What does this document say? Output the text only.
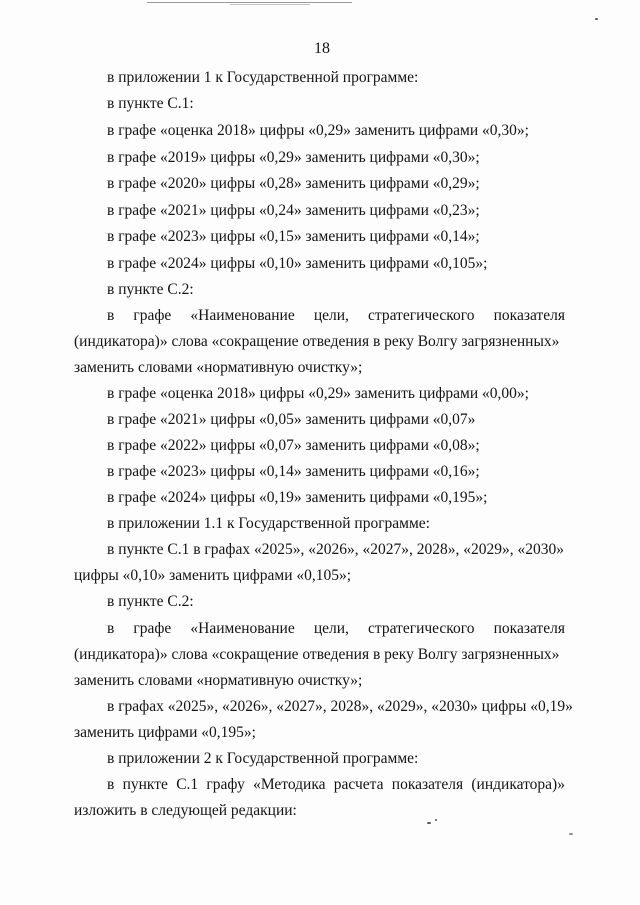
18
в приложении 1 к Государственной программе:
в пункте С.1:
в графе «оценка 2018» цифры «0,29» заменить цифрами «0,30»;
в графе «2019» цифры «0,29» заменить цифрами «0,30»;
в графе «2020» цифры «0,28» заменить цифрами «0,29»;
в графе «2021» цифры «0,24» заменить цифрами «0,23»;
в графе «2023» цифры «0,15» заменить цифрами «0,14»;
в графе «2024» цифры «0,10» заменить цифрами «0,105»;
в пункте С.2:
в графе «Наименование цели, стратегического показателя
(индикатора)» слова «сокращение отведения в реку Волгу загрязненных»
заменить словами «нормативную очистку»;
в графе «оценка 2018» цифры «0,29» заменить цифрами «0,00»;
в графе «2021» цифры «0,05» заменить цифрами «0,07»
в графе «2022» цифры «0,07» заменить цифрами «0,08»;
в графе «2023» цифры «0,14» заменить цифрами «0,16»;
в графе «2024» цифры «0,19» заменить цифрами «0,195»;
в приложении 1.1 к Государственной программе:
в пункте С.1 в графах «2025», «2026», «2027», 2028», «2029», «2030»
цифры «0,10» заменить цифрами «0,105»;
в пункте С.2:
в графе «Наименование цели, стратегического показателя
(индикатора)» слова «сокращение отведения в реку Волгу загрязненных»
заменить словами «нормативную очистку»;
в графах «2025», «2026», «2027», 2028», «2029», «2030» цифры «0,19»
заменить цифрами «0,195»;
в приложении 2 к Государственной программе:
в пункте С.1 графу «Методика расчета показателя (индикатора)»
изложить в следующей редакции:
